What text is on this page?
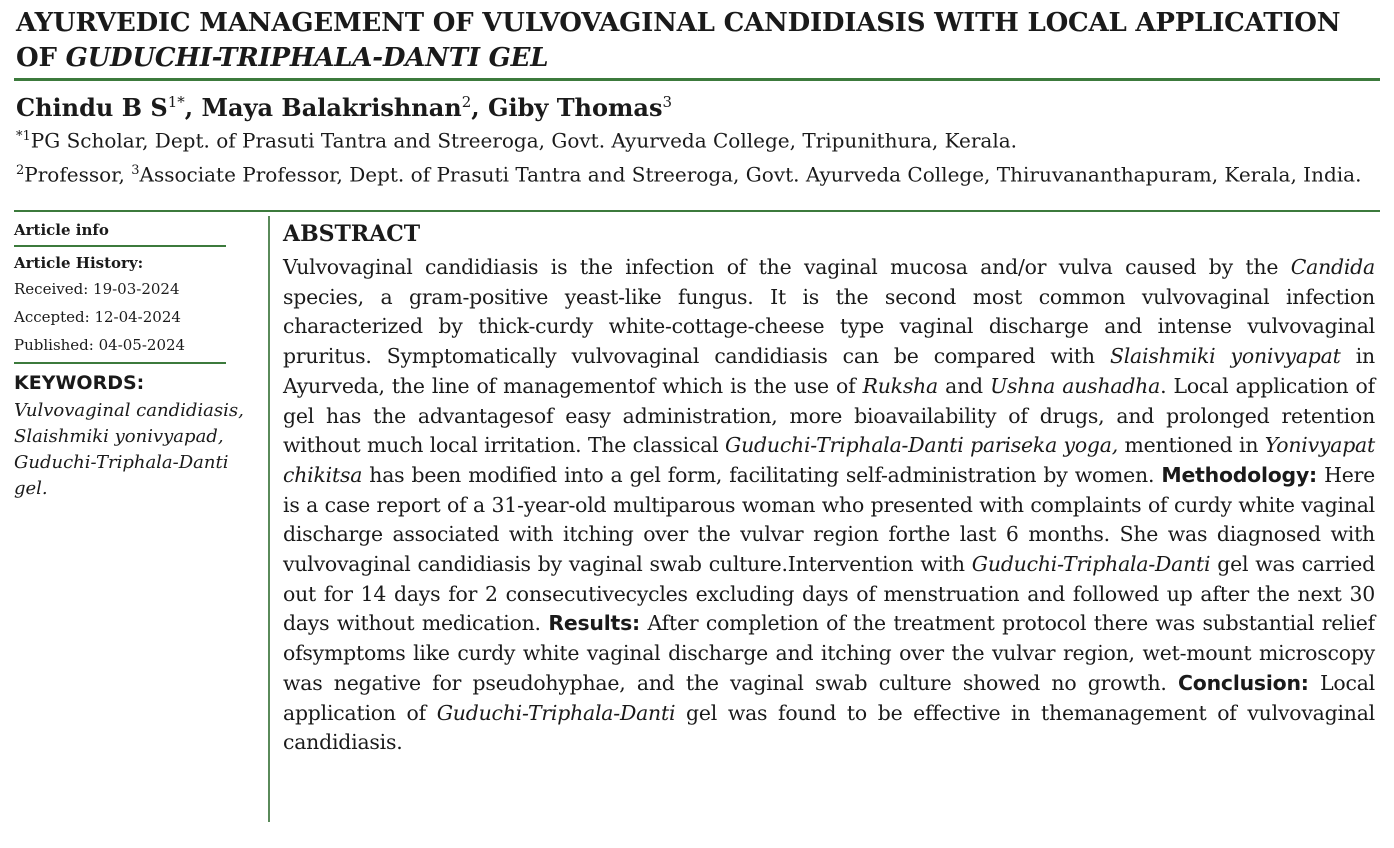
AYURVEDIC MANAGEMENT OF VULVOVAGINAL CANDIDIASIS WITH LOCAL APPLICATION
OF GUDUCHI-TRIPHALA-DANTI GEL
Chindu B $S^{1*}$, Maya Balakrishnan$^2$, Giby Thomas$^3$
$^{*1}$PG Scholar, Dept. of Prasuti Tantra and Streeroga, Govt. Ayurveda College, Tripunithura, Kerala.
$^2$Professor, $^3$Associate Professor, Dept. of Prasuti Tantra and Streeroga, Govt. Ayurveda College, Thiruvananthapuram, Kerala, India.
Article info
Article History:
Received: 19-03-2024
Accepted: 12-04-2024
Published: 04-05-2024
KEYWORDS:
Vulvovaginal candidiasis, Slaishmiki yonivyapad, Guduchi-Triphala-Danti gel.
ABSTRACT
Vulvovaginal candidiasis is the infection of the vaginal mucosa and/or vulva caused by the Candida species, a gram-positive yeast-like fungus. It is the second most common vulvovaginal infection characterized by thick-curdy white-cottage-cheese type vaginal discharge and intense vulvovaginal pruritus. Symptomatically vulvovaginal candidiasis can be compared with Slaishmiki yonivyapat in Ayurveda, the line of managementof which is the use of Ruksha and Ushna aushadha. Local application of gel has the advantagesof easy administration, more bioavailability of drugs, and prolonged retention without much local irritation. The classical Guduchi-Triphala-Danti pariseka yoga, mentioned in Yonivyapat chikitsa has been modified into a gel form, facilitating self-administration by women. Methodology: Here is a case report of a 31-year-old multiparous woman who presented with complaints of curdy white vaginal discharge associated with itching over the vulvar region forthe last 6 months. She was diagnosed with vulvovaginal candidiasis by vaginal swab culture.Intervention with Guduchi-Triphala-Danti gel was carried out for 14 days for 2 consecutivecycles excluding days of menstruation and followed up after the next 30 days without medication. Results: After completion of the treatment protocol there was substantial relief ofsymptoms like curdy white vaginal discharge and itching over the vulvar region, wet-mount microscopy was negative for pseudohyphae, and the vaginal swab culture showed no growth. Conclusion: Local application of Guduchi-Triphala-Danti gel was found to be effective in themanagement of vulvovaginal candidiasis.
